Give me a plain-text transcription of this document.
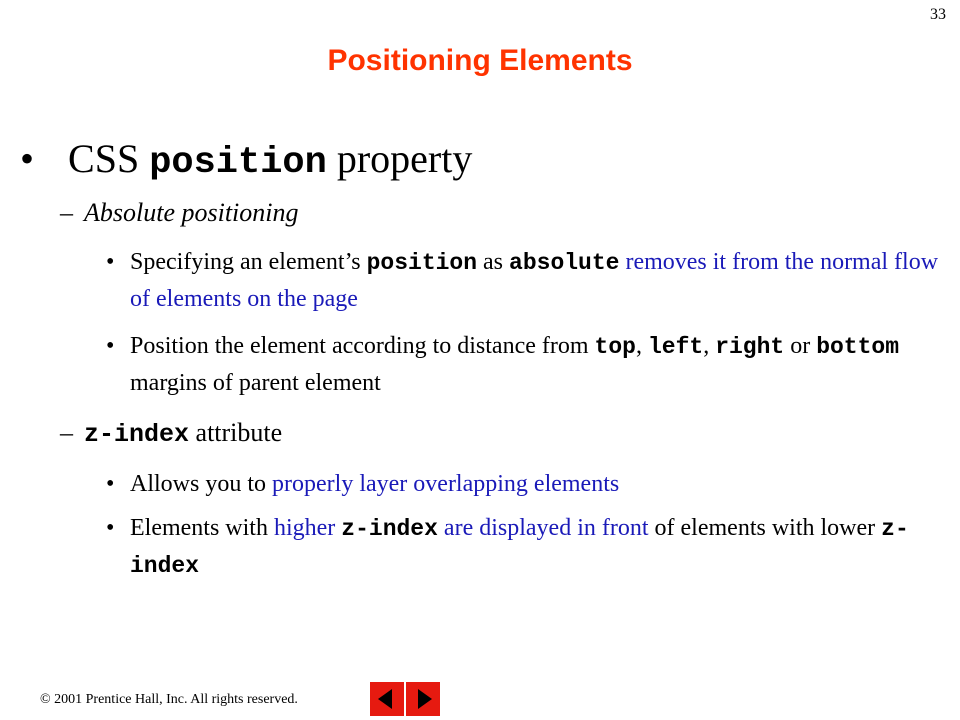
33
Positioning Elements
• CSS position property
– Absolute positioning
• Specifying an element’s position as absolute removes it from the normal flow of elements on the page
• Position the element according to distance from top, left, right or bottom margins of parent element
– z-index attribute
• Allows you to properly layer overlapping elements
• Elements with higher z-index are displayed in front of elements with lower z-index
© 2001 Prentice Hall, Inc. All rights reserved.
